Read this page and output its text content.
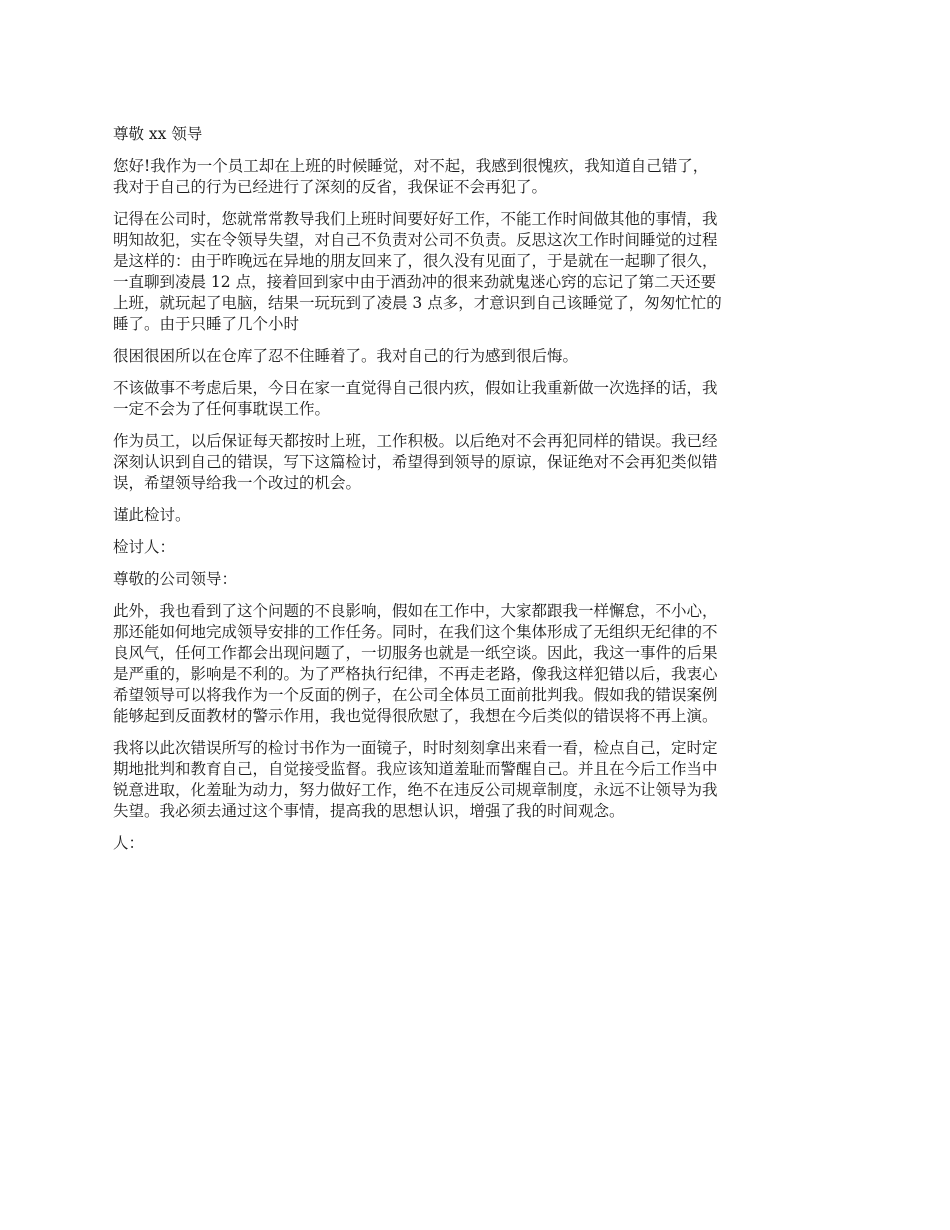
尊敬 xx 领导

您好!我作为一个员工却在上班的时候睡觉，对不起，我感到很愧疚，我知道自己错了，
我对于自己的行为已经进行了深刻的反省，我保证不会再犯了。

记得在公司时，您就常常教导我们上班时间要好好工作，不能工作时间做其他的事情，我
明知故犯，实在令领导失望，对自己不负责对公司不负责。反思这次工作时间睡觉的过程
是这样的：由于昨晚远在异地的朋友回来了，很久没有见面了，于是就在一起聊了很久，
一直聊到凌晨 12 点，接着回到家中由于酒劲冲的很来劲就鬼迷心窍的忘记了第二天还要
上班，就玩起了电脑，结果一玩玩到了凌晨 3 点多，才意识到自己该睡觉了，匆匆忙忙的
睡了。由于只睡了几个小时

很困很困所以在仓库了忍不住睡着了。我对自己的行为感到很后悔。

不该做事不考虑后果，今日在家一直觉得自己很内疚，假如让我重新做一次选择的话，我
一定不会为了任何事耽误工作。

作为员工，以后保证每天都按时上班，工作积极。以后绝对不会再犯同样的错误。我已经
深刻认识到自己的错误，写下这篇检讨，希望得到领导的原谅，保证绝对不会再犯类似错
误，希望领导给我一个改过的机会。

谨此检讨。

检讨人：

尊敬的公司领导：

此外，我也看到了这个问题的不良影响，假如在工作中，大家都跟我一样懈怠，不小心，
那还能如何地完成领导安排的工作任务。同时，在我们这个集体形成了无组织无纪律的不
良风气，任何工作都会出现问题了，一切服务也就是一纸空谈。因此，我这一事件的后果
是严重的，影响是不利的。为了严格执行纪律，不再走老路，像我这样犯错以后，我衷心
希望领导可以将我作为一个反面的例子，在公司全体员工面前批判我。假如我的错误案例
能够起到反面教材的警示作用，我也觉得很欣慰了，我想在今后类似的错误将不再上演。

我将以此次错误所写的检讨书作为一面镜子，时时刻刻拿出来看一看，检点自己，定时定
期地批判和教育自己，自觉接受监督。我应该知道羞耻而警醒自己。并且在今后工作当中
锐意进取，化羞耻为动力，努力做好工作，绝不在违反公司规章制度，永远不让领导为我
失望。我必须去通过这个事情，提高我的思想认识，增强了我的时间观念。

人：
